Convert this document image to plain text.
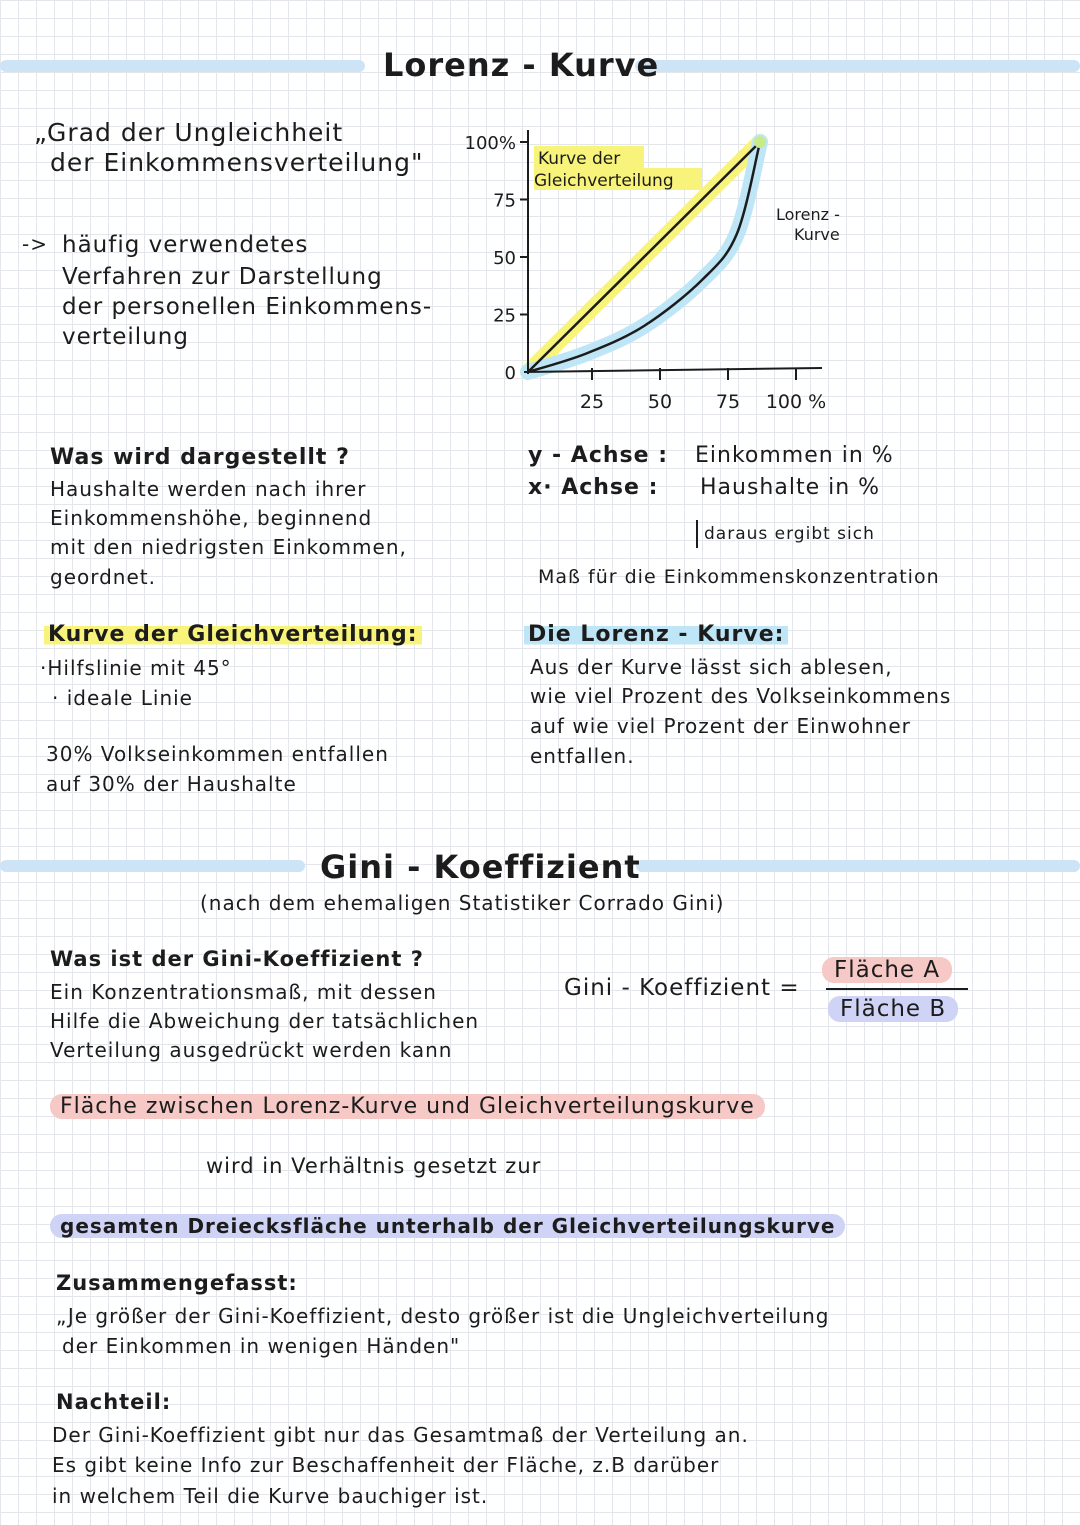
Lorenz - Kurve
„Grad der Ungleichheit
der Einkommensverteilung"
-> häufig verwendetes
Verfahren zur Darstellung
der personellen Einkommens-
verteilung
100%
75
50
25
0
25 50 75 100 %
Kurve der
Gleichverteilung
Lorenz -
Kurve
Was wird dargestellt ?
Haushalte werden nach ihrer
Einkommenshöhe, beginnend
mit den niedrigsten Einkommen,
geordnet.
Kurve der Gleichverteilung:
·Hilfslinie mit 45°
· ideale Linie
30% Volkseinkommen entfallen
auf 30% der Haushalte
y - Achse : Einkommen in %
x· Achse : Haushalte in %
daraus ergibt sich
Maß für die Einkommenskonzentration
Die Lorenz - Kurve:
Aus der Kurve lässt sich ablesen,
wie viel Prozent des Volkseinkommens
auf wie viel Prozent der Einwohner
entfallen.
Gini - Koeffizient
(nach dem ehemaligen Statistiker Corrado Gini)
Was ist der Gini-Koeffizient ?
Ein Konzentrationsmaß, mit dessen
Hilfe die Abweichung der tatsächlichen
Verteilung ausgedrückt werden kann
Gini - Koeffizient =
Fläche A
Fläche B
Fläche zwischen Lorenz-Kurve und Gleichverteilungskurve
wird in Verhältnis gesetzt zur
gesamten Dreiecksfläche unterhalb der Gleichverteilungskurve
Zusammengefasst:
„Je größer der Gini-Koeffizient, desto größer ist die Ungleichverteilung
der Einkommen in wenigen Händen"
Nachteil:
Der Gini-Koeffizient gibt nur das Gesamtmaß der Verteilung an.
Es gibt keine Info zur Beschaffenheit der Fläche, z.B darüber
in welchem Teil die Kurve bauchiger ist.
